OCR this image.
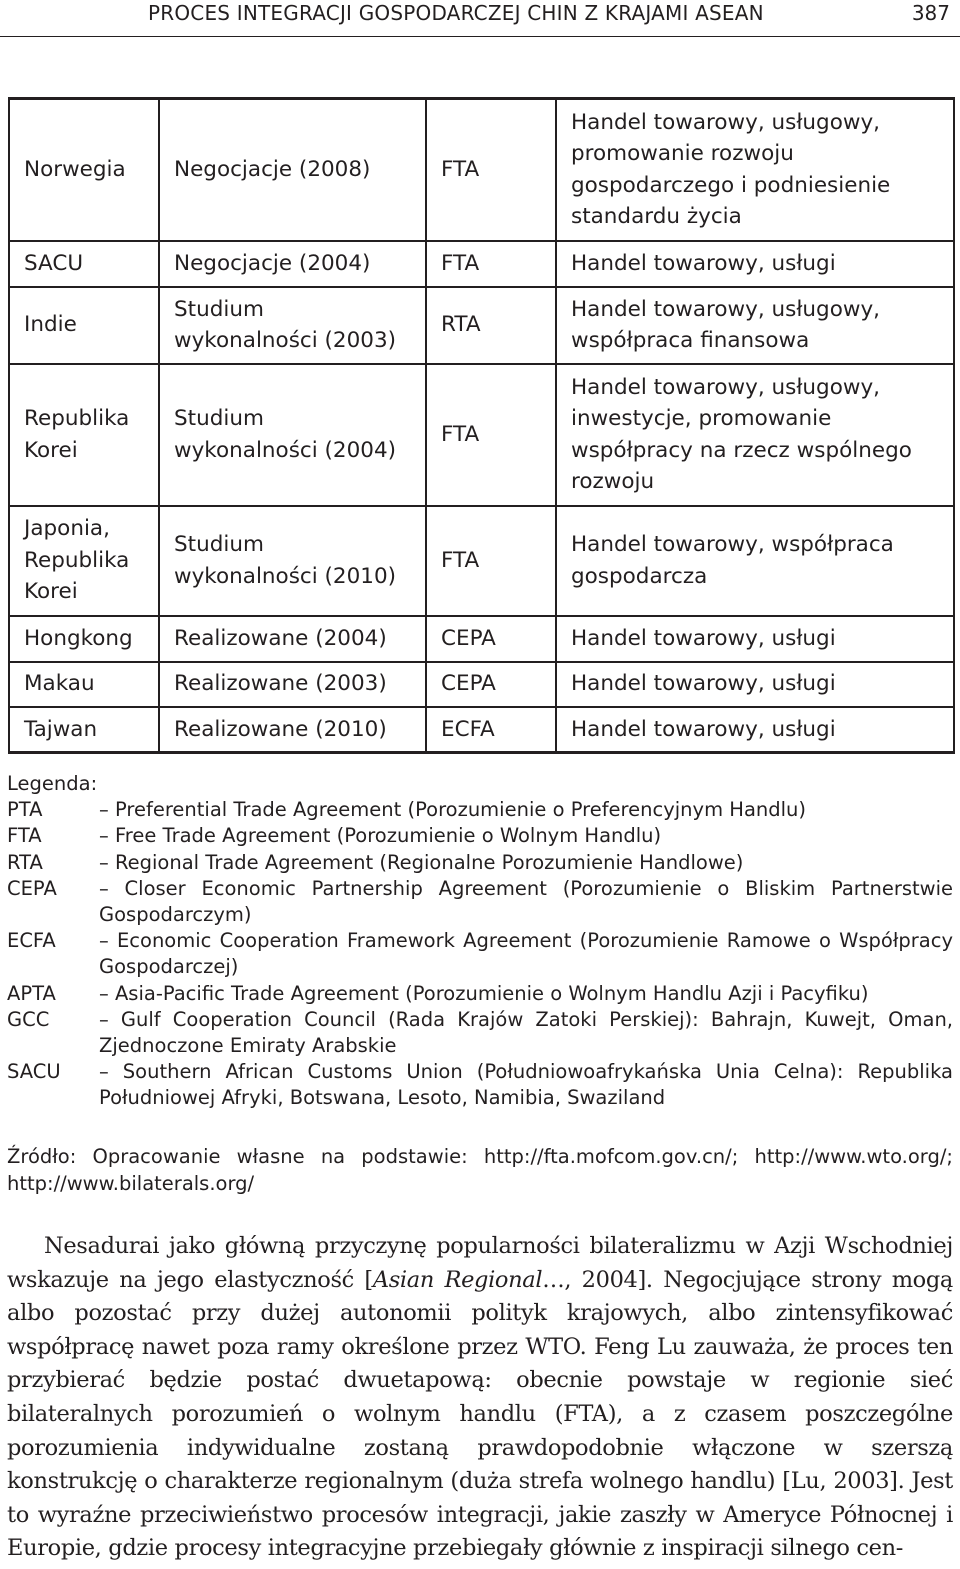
PROCES INTEGRACJI GOSPODARCZEJ CHIN Z KRAJAMI ASEAN	387
Norwegia	Negocjacje (2008)	FTA	Handel towarowy, usługowy, promowanie rozwoju gospodarczego i podniesienie standardu życia
SACU	Negocjacje (2004)	FTA	Handel towarowy, usługi
Indie	Studium wykonalności (2003)	RTA	Handel towarowy, usługowy, współpraca finansowa
Republika Korei	Studium wykonalności (2004)	FTA	Handel towarowy, usługowy, inwestycje, promowanie współpracy na rzecz wspólnego rozwoju
Japonia, Republika Korei	Studium wykonalności (2010)	FTA	Handel towarowy, współpraca gospodarcza
Hongkong	Realizowane (2004)	CEPA	Handel towarowy, usługi
Makau	Realizowane (2003)	CEPA	Handel towarowy, usługi
Tajwan	Realizowane (2010)	ECFA	Handel towarowy, usługi
Legenda:
PTA	– Preferential Trade Agreement (Porozumienie o Preferencyjnym Handlu)
FTA	– Free Trade Agreement (Porozumienie o Wolnym Handlu)
RTA	– Regional Trade Agreement (Regionalne Porozumienie Handlowe)
CEPA	– Closer Economic Partnership Agreement (Porozumienie o Bliskim Partnerstwie Gospodarczym)
ECFA	– Economic Cooperation Framework Agreement (Porozumienie Ramowe o Współpracy Gospodarczej)
APTA	– Asia-Pacific Trade Agreement (Porozumienie o Wolnym Handlu Azji i Pacyfiku)
GCC	– Gulf Cooperation Council (Rada Krajów Zatoki Perskiej): Bahrajn, Kuwejt, Oman, Zjednoczone Emiraty Arabskie
SACU	– Southern African Customs Union (Południowoafrykańska Unia Celna): Republika Południowej Afryki, Botswana, Lesoto, Namibia, Swaziland
Źródło: Opracowanie własne na podstawie: http://fta.mofcom.gov.cn/; http://www.wto.org/; http://www.bilaterals.org/

Nesadurai jako główną przyczynę popularności bilateralizmu w Azji Wschodniej wskazuje na jego elastyczność [Asian Regional…, 2004]. Negocjujące strony mogą albo pozostać przy dużej autonomii polityk krajowych, albo zintensyfikować współpracę nawet poza ramy określone przez WTO. Feng Lu zauważa, że proces ten przybierać będzie postać dwuetapową: obecnie powstaje w regionie sieć bilateralnych porozumień o wolnym handlu (FTA), a z czasem poszczególne porozumienia indywidualne zostaną prawdopodobnie włączone w szerszą konstrukcję o charakterze regionalnym (duża strefa wolnego handlu) [Lu, 2003]. Jest to wyraźne przeciwieństwo procesów integracji, jakie zaszły w Ameryce Północnej i Europie, gdzie procesy integracyjne przebiegały głównie z inspiracji silnego cen-
